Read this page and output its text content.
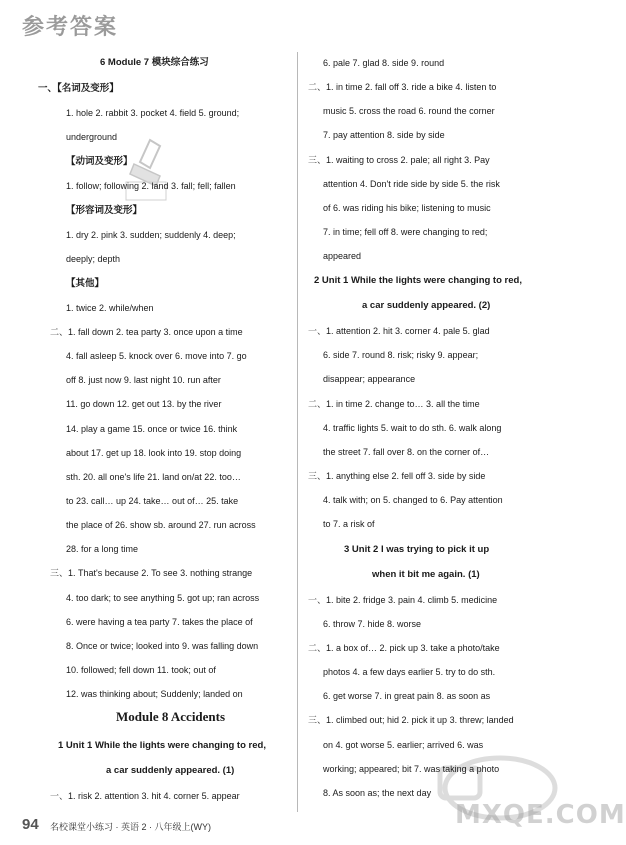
参考答案
MXQE.COM
6 Module 7 模块综合练习
一、【名词及变形】
1. hole 2. rabbit 3. pocket 4. field 5. ground;
underground
【动词及变形】
1. follow; following 2. land 3. fall; fell; fallen
【形容词及变形】
1. dry 2. pink 3. sudden; suddenly 4. deep;
deeply; depth
【其他】
1. twice 2. while/when
二、1. fall down 2. tea party 3. once upon a time
4. fall asleep 5. knock over 6. move into 7. go
off 8. just now 9. last night 10. run after
11. go down 12. get out 13. by the river
14. play a game 15. once or twice 16. think
about 17. get up 18. look into 19. stop doing
sth. 20. all one's life 21. land on/at 22. too…
to 23. call… up 24. take… out of… 25. take
the place of 26. show sb. around 27. run across
28. for a long time
三、1. That's because 2. To see 3. nothing strange
4. too dark; to see anything 5. got up; ran across
6. were having a tea party 7. takes the place of
8. Once or twice; looked into 9. was falling down
10. followed; fell down 11. took; out of
12. was thinking about; Suddenly; landed on
Module 8 Accidents
1 Unit 1 While the lights were changing to red,
a car suddenly appeared. (1)
一、1. risk 2. attention 3. hit 4. corner 5. appear
6. pale 7. glad 8. side 9. round
二、1. in time 2. fall off 3. ride a bike 4. listen to
music 5. cross the road 6. round the corner
7. pay attention 8. side by side
三、1. waiting to cross 2. pale; all right 3. Pay
attention 4. Don't ride side by side 5. the risk
of 6. was riding his bike; listening to music
7. in time; fell off 8. were changing to red;
appeared
2 Unit 1 While the lights were changing to red,
a car suddenly appeared. (2)
一、1. attention 2. hit 3. corner 4. pale 5. glad
6. side 7. round 8. risk; risky 9. appear;
disappear; appearance
二、1. in time 2. change to… 3. all the time
4. traffic lights 5. wait to do sth. 6. walk along
the street 7. fall over 8. on the corner of…
三、1. anything else 2. fell off 3. side by side
4. talk with; on 5. changed to 6. Pay attention
to 7. a risk of
3 Unit 2 I was trying to pick it up
when it bit me again. (1)
一、1. bite 2. fridge 3. pain 4. climb 5. medicine
6. throw 7. hide 8. worse
二、1. a box of… 2. pick up 3. take a photo/take
photos 4. a few days earlier 5. try to do sth.
6. get worse 7. in great pain 8. as soon as
三、1. climbed out; hid 2. pick it up 3. threw; landed
on 4. got worse 5. earlier; arrived 6. was
working; appeared; bit 7. was taking a photo
8. As soon as; the next day
94 名校课堂小练习 · 英语 2 · 八年级上(WY)
